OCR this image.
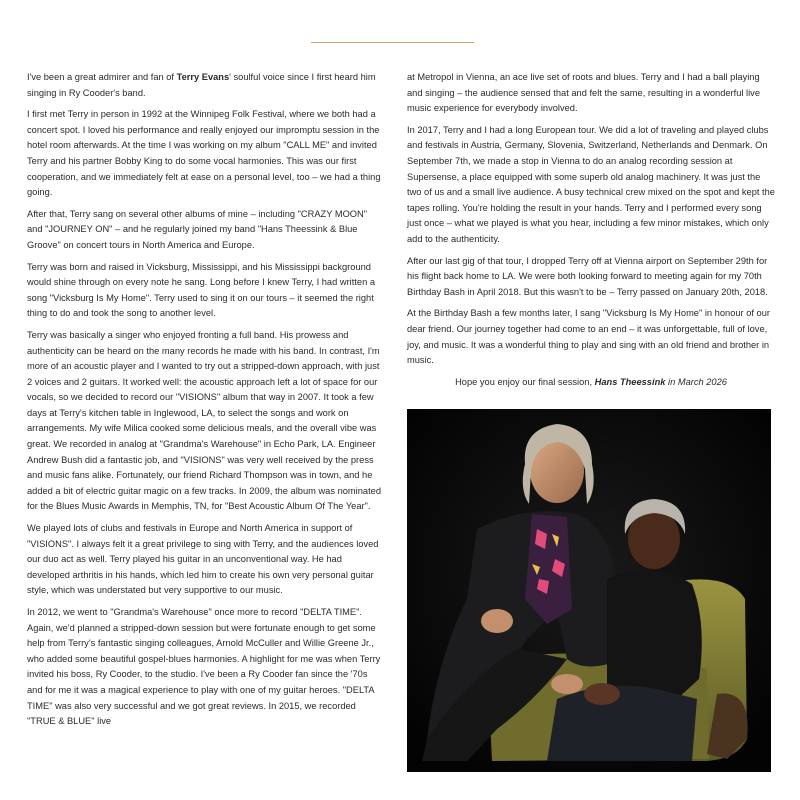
I've been a great admirer and fan of Terry Evans' soulful voice since I first heard him singing in Ry Cooder's band.

I first met Terry in person in 1992 at the Winnipeg Folk Festival, where we both had a concert spot. I loved his performance and really enjoyed our impromptu session in the hotel room afterwards. At the time I was working on my album "CALL ME" and invited Terry and his partner Bobby King to do some vocal harmonies. This was our first cooperation, and we immediately felt at ease on a personal level, too – we had a thing going.

After that, Terry sang on several other albums of mine – including "CRAZY MOON" and "JOURNEY ON" – and he regularly joined my band "Hans Theessink & Blue Groove" on concert tours in North America and Europe.

Terry was born and raised in Vicksburg, Mississippi, and his Mississippi background would shine through on every note he sang. Long before I knew Terry, I had written a song "Vicksburg Is My Home". Terry used to sing it on our tours – it seemed the right thing to do and took the song to another level.

Terry was basically a singer who enjoyed fronting a full band. His prowess and authenticity can be heard on the many records he made with his band. In contrast, I'm more of an acoustic player and I wanted to try out a stripped-down approach, with just 2 voices and 2 guitars. It worked well: the acoustic approach left a lot of space for our vocals, so we decided to record our "VISIONS" album that way in 2007. It took a few days at Terry's kitchen table in Inglewood, LA, to select the songs and work on arrangements. My wife Milica cooked some delicious meals, and the overall vibe was great. We recorded in analog at "Grandma's Warehouse" in Echo Park, LA. Engineer Andrew Bush did a fantastic job, and "VISIONS" was very well received by the press and music fans alike. Fortunately, our friend Richard Thompson was in town, and he added a bit of electric guitar magic on a few tracks. In 2009, the album was nominated for the Blues Music Awards in Memphis, TN, for "Best Acoustic Album Of The Year".

We played lots of clubs and festivals in Europe and North America in support of "VISIONS". I always felt it a great privilege to sing with Terry, and the audiences loved our duo act as well. Terry played his guitar in an unconventional way. He had developed arthritis in his hands, which led him to create his own very personal guitar style, which was understated but very supportive to our music.

In 2012, we went to "Grandma's Warehouse" once more to record "DELTA TIME". Again, we'd planned a stripped-down session but were fortunate enough to get some help from Terry's fantastic singing colleagues, Arnold McCuller and Willie Greene Jr., who added some beautiful gospel-blues harmonies. A highlight for me was when Terry invited his boss, Ry Cooder, to the studio. I've been a Ry Cooder fan since the '70s and for me it was a magical experience to play with one of my guitar heroes. "DELTA TIME" was also very successful and we got great reviews. In 2015, we recorded "TRUE & BLUE" live

at Metropol in Vienna, an ace live set of roots and blues. Terry and I had a ball playing and singing – the audience sensed that and felt the same, resulting in a wonderful live music experience for everybody involved.

In 2017, Terry and I had a long European tour. We did a lot of traveling and played clubs and festivals in Austria, Germany, Slovenia, Switzerland, Netherlands and Denmark. On September 7th, we made a stop in Vienna to do an analog recording session at Supersense, a place equipped with some superb old analog machinery. It was just the two of us and a small live audience. A busy technical crew mixed on the spot and kept the tapes rolling. You're holding the result in your hands. Terry and I performed every song just once – what we played is what you hear, including a few minor mistakes, which only add to the authenticity.

After our last gig of that tour, I dropped Terry off at Vienna airport on September 29th for his flight back home to LA. We were both looking forward to meeting again for my 70th Birthday Bash in April 2018. But this wasn't to be – Terry passed on January 20th, 2018.

At the Birthday Bash a few months later, I sang "Vicksburg Is My Home" in honour of our dear friend. Our journey together had come to an end – it was unforgettable, full of love, joy, and music. It was a wonderful thing to play and sing with an old friend and brother in music.

Hope you enjoy our final session, Hans Theessink in March 2026
